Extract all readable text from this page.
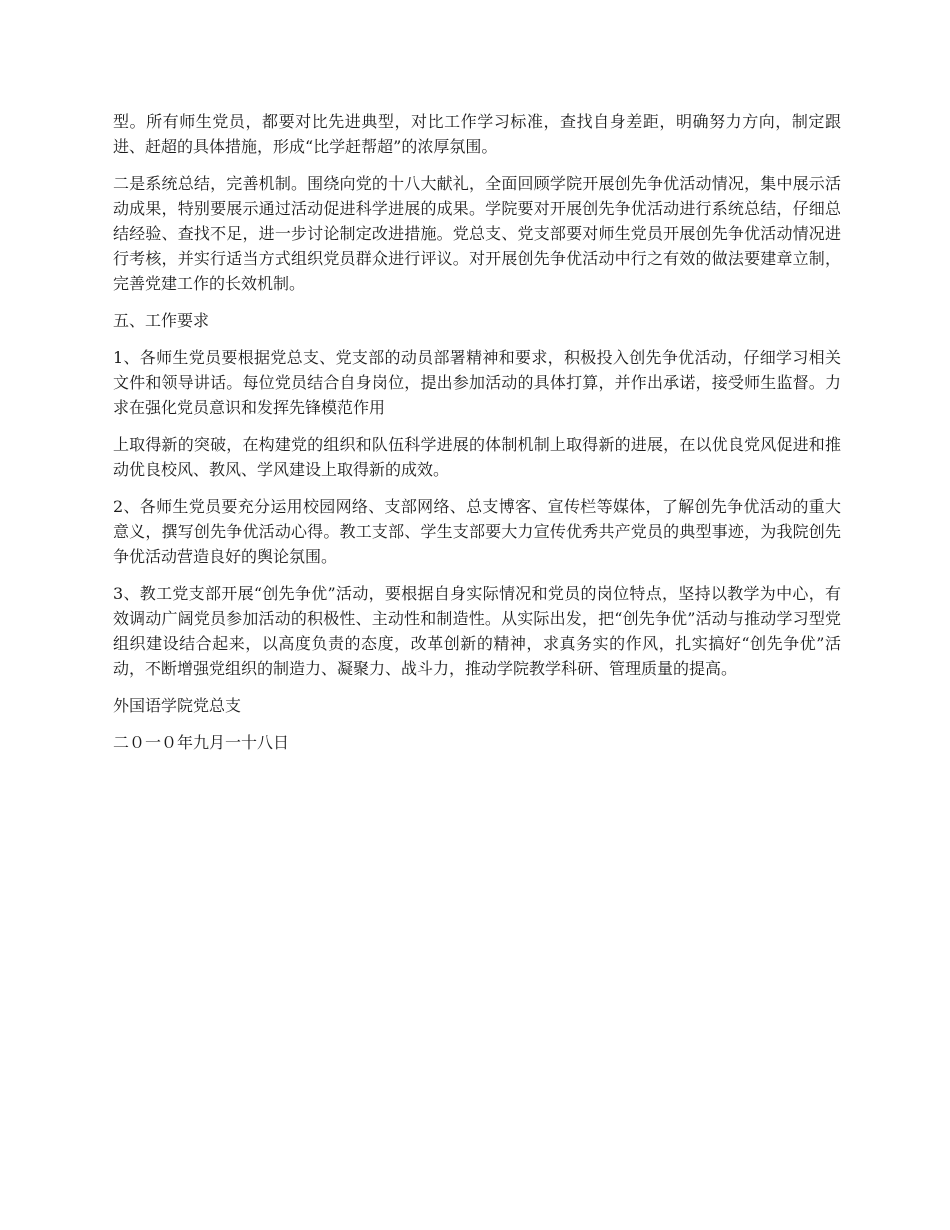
型。所有师生党员，都要对比先进典型，对比工作学习标准，查找自身差距，明确努力方向，制定跟进、赶超的具体措施，形成“比学赶帮超”的浓厚氛围。

二是系统总结，完善机制。围绕向党的十八大献礼，全面回顾学院开展创先争优活动情况，集中展示活动成果，特别要展示通过活动促进科学进展的成果。学院要对开展创先争优活动进行系统总结，仔细总结经验、查找不足，进一步讨论制定改进措施。党总支、党支部要对师生党员开展创先争优活动情况进行考核，并实行适当方式组织党员群众进行评议。对开展创先争优活动中行之有效的做法要建章立制，完善党建工作的长效机制。

五、工作要求

1、各师生党员要根据党总支、党支部的动员部署精神和要求，积极投入创先争优活动，仔细学习相关文件和领导讲话。每位党员结合自身岗位，提出参加活动的具体打算，并作出承诺，接受师生监督。力求在强化党员意识和发挥先锋模范作用

上取得新的突破，在构建党的组织和队伍科学进展的体制机制上取得新的进展，在以优良党风促进和推动优良校风、教风、学风建设上取得新的成效。

2、各师生党员要充分运用校园网络、支部网络、总支博客、宣传栏等媒体，了解创先争优活动的重大意义，撰写创先争优活动心得。教工支部、学生支部要大力宣传优秀共产党员的典型事迹，为我院创先争优活动营造良好的舆论氛围。

3、教工党支部开展“创先争优”活动，要根据自身实际情况和党员的岗位特点，坚持以教学为中心，有效调动广阔党员参加活动的积极性、主动性和制造性。从实际出发，把“创先争优”活动与推动学习型党组织建设结合起来，以高度负责的态度，改革创新的精神，求真务实的作风，扎实搞好“创先争优”活动，不断增强党组织的制造力、凝聚力、战斗力，推动学院教学科研、管理质量的提高。

外国语学院党总支

二０一０年九月一十八日
